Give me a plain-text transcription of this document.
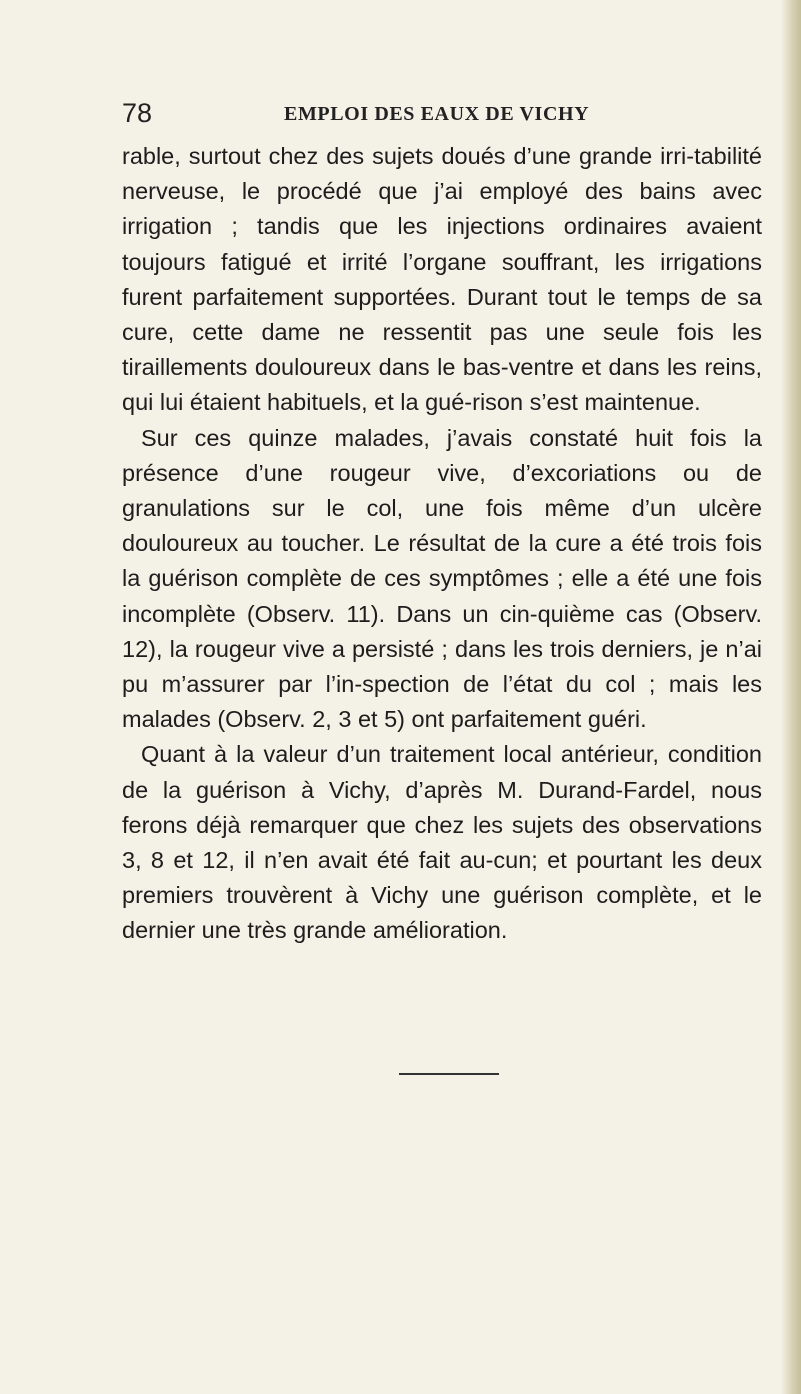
78	EMPLOI DES EAUX DE VICHY

rable, surtout chez des sujets doués d’une grande irri-tabilité nerveuse, le procédé que j’ai employé des bains avec irrigation ; tandis que les injections ordinaires avaient toujours fatigué et irrité l’organe souffrant, les irrigations furent parfaitement supportées. Durant tout le temps de sa cure, cette dame ne ressentit pas une seule fois les tiraillements douloureux dans le bas-ventre et dans les reins, qui lui étaient habituels, et la gué-rison s’est maintenue.

Sur ces quinze malades, j’avais constaté huit fois la présence d’une rougeur vive, d’excoriations ou de granulations sur le col, une fois même d’un ulcère douloureux au toucher. Le résultat de la cure a été trois fois la guérison complète de ces symptômes ; elle a été une fois incomplète (Observ. 11). Dans un cin-quième cas (Observ. 12), la rougeur vive a persisté ; dans les trois derniers, je n’ai pu m’assurer par l’in-spection de l’état du col ; mais les malades (Observ. 2, 3 et 5) ont parfaitement guéri.

Quant à la valeur d’un traitement local antérieur, condition de la guérison à Vichy, d’après M. Durand-Fardel, nous ferons déjà remarquer que chez les sujets des observations 3, 8 et 12, il n’en avait été fait au-cun; et pourtant les deux premiers trouvèrent à Vichy une guérison complète, et le dernier une très grande amélioration.
